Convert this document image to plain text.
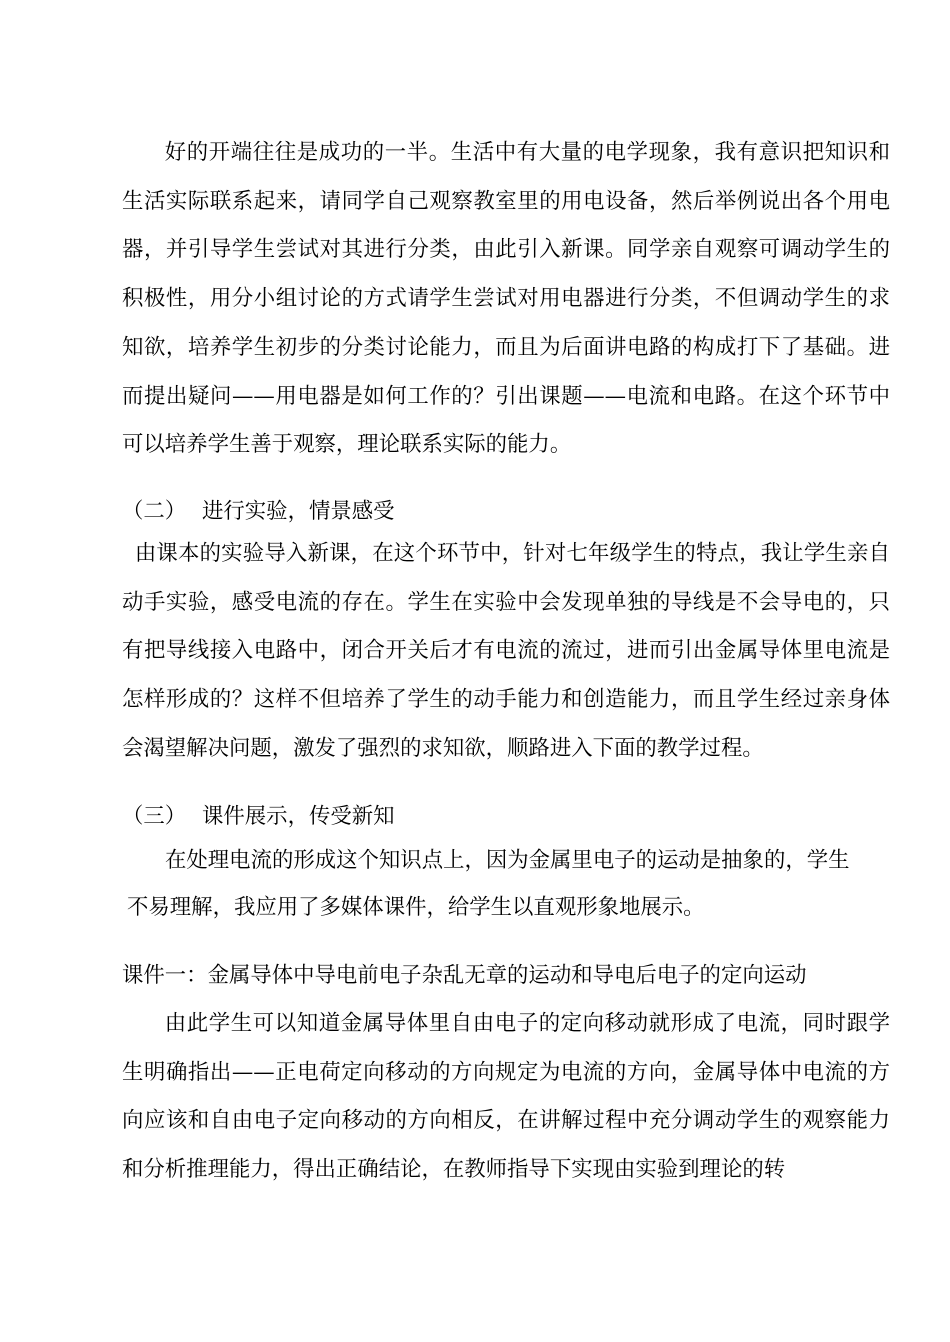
好的开端往往是成功的一半。生活中有大量的电学现象，我有意识把知识和生活实际联系起来，请同学自己观察教室里的用电设备，然后举例说出各个用电器，并引导学生尝试对其进行分类，由此引入新课。同学亲自观察可调动学生的积极性，用分小组讨论的方式请学生尝试对用电器进行分类，不但调动学生的求知欲，培养学生初步的分类讨论能力，而且为后面讲电路的构成打下了基础。进而提出疑问——用电器是如何工作的？引出课题——电流和电路。在这个环节中可以培养学生善于观察，理论联系实际的能力。
（二） 进行实验，情景感受
由课本的实验导入新课，在这个环节中，针对七年级学生的特点，我让学生亲自动手实验，感受电流的存在。学生在实验中会发现单独的导线是不会导电的，只有把导线接入电路中，闭合开关后才有电流的流过，进而引出金属导体里电流是怎样形成的？这样不但培养了学生的动手能力和创造能力，而且学生经过亲身体会渴望解决问题，激发了强烈的求知欲，顺路进入下面的教学过程。
（三） 课件展示，传受新知
在处理电流的形成这个知识点上，因为金属里电子的运动是抽象的，学生
不易理解，我应用了多媒体课件，给学生以直观形象地展示。
课件一：金属导体中导电前电子杂乱无章的运动和导电后电子的定向运动
由此学生可以知道金属导体里自由电子的定向移动就形成了电流，同时跟学生明确指出——正电荷定向移动的方向规定为电流的方向，金属导体中电流的方向应该和自由电子定向移动的方向相反，在讲解过程中充分调动学生的观察能力和分析推理能力，得出正确结论，在教师指导下实现由实验到理论的转
